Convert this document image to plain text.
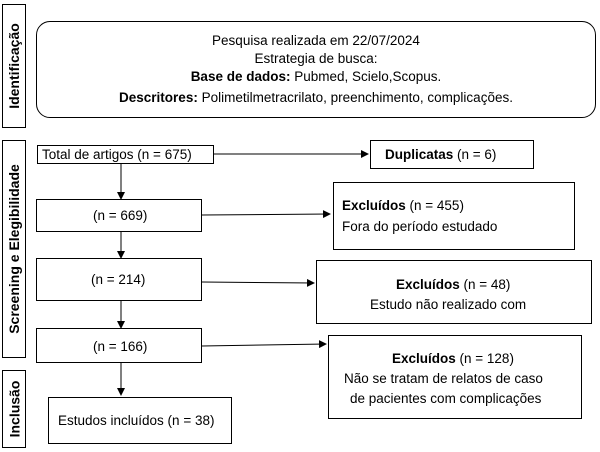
Identificação
Screening e Elegibilidade
Inclusão
Pesquisa realizada em 22/07/2024
Estrategia de busca:
Base de dados: Pubmed, Scielo,Scopus.
Descritores: Polimetilmetracrilato, preenchimento, complicações.
Total de artigos (n = 675)
(n = 669)
(n = 214)
(n = 166)
Estudos incluídos (n = 38)
Duplicatas (n = 6)
Excluídos (n = 455)
Fora do período estudado
Excluídos (n = 48)
Estudo não realizado com
Excluídos (n = 128)
Não se tratam de relatos de caso
de pacientes com complicações
